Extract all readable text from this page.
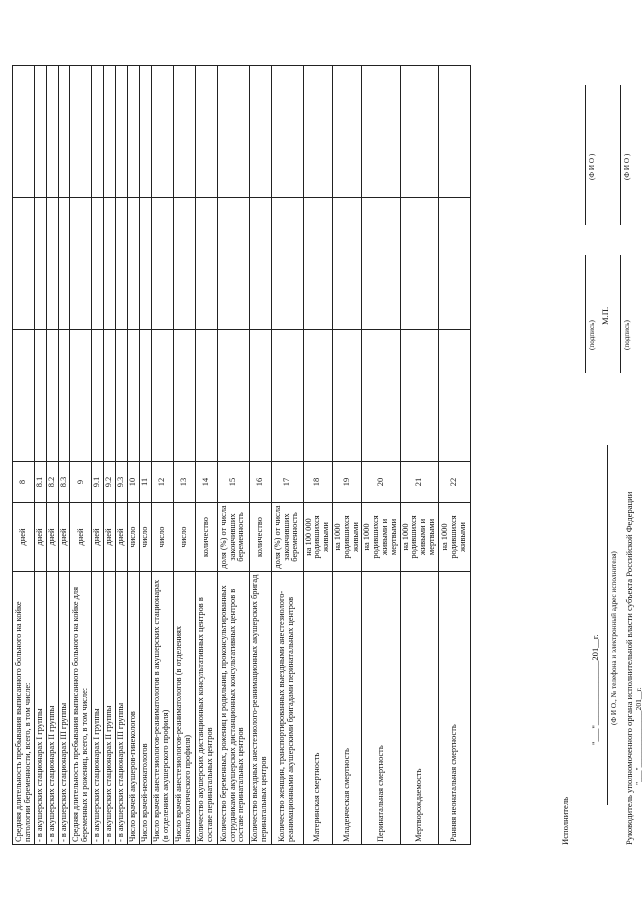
Средняя длительность пребывания выписанного больного на койке патологии беременности, всего, в том числе:	дней	8			
- в акушерских стационарах I группы	дней	8.1			
- в акушерских стационарах II группы	дней	8.2			
- в акушерских стационарах III группы	дней	8.3			
Средняя длительность пребывания выписанного больного на койке для беременных и рожениц, всего, в том числе:	дней	9			
- в акушерских стационарах I группы	дней	9.1			
- в акушерских стационарах II группы	дней	9.2			
- в акушерских стационарах III группы	дней	9.3			
Число врачей акушеров-гинекологов	число	10			
Число врачей-неонатологов	число	11			
Число врачей анестезиологов-реаниматологов в акушерских стационарах (в отделениях акушерского профиля)	число	12			
Число врачей анестезиологов-реаниматологов (в отделениях неонатологического профиля)	число	13			
Количество акушерских дистанционных консультативных центров в составе перинатальных центров	количество	14			
Количество беременных, рожениц и родильниц, проконсультированных сотрудниками акушерских дистанционных консультативных центров в составе перинатальных центров	доля (%) от числа закончивших беременность	15			
Количество выездных анестезиолого-реанимационных акушерских бригад перинатальных центров	количество	16			
Количество женщин, транспортированных выездными анестезиолого-реанимационными акушерскими бригадами перинатальных центров	доля (%) от числа закончивших беременность	17			
Материнская смертность	на 100 000 родившихся живыми	18			
Младенческая смертность	на 1000 родившихся живыми	19			
Перинатальная смертность	на 1000 родившихся живыми и мертвыми	20			
Мертворождаемость	на 1000 родившихся живыми и мертвыми	21			
Ранняя неонатальная смертность	на 1000 родившихся живыми	22			
Исполнитель
(подпись)
(Ф И О )
"___"_______________201__г. (Ф И О., № телефона и электронный адрес исполнителя) Руководитель уполномоченного органа исполнительной власти субъекта Российской Федерации
М.П.
(подпись)
(Ф И О )
"___"_______________201__г.
